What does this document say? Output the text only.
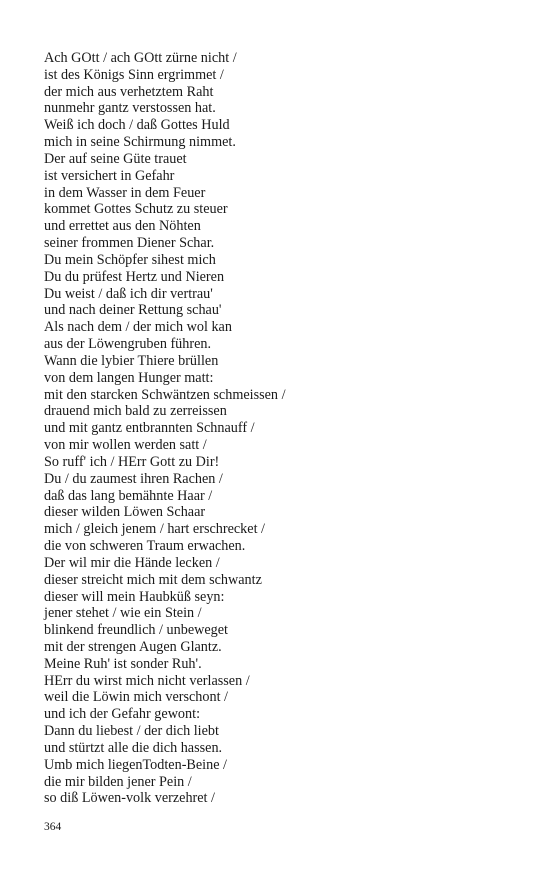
Ach GOtt / ach GOtt zürne nicht /
ist des Königs Sinn ergrimmet /
der mich aus verhetztem Raht
nunmehr gantz verstossen hat.
Weiß ich doch / daß Gottes Huld
mich in seine Schirmung nimmet.
Der auf seine Güte trauet
ist versichert in Gefahr
in dem Wasser in dem Feuer
kommet Gottes Schutz zu steuer
und errettet aus den Nöhten
seiner frommen Diener Schar.
Du mein Schöpfer sihest mich
Du du prüfest Hertz und Nieren
Du weist / daß ich dir vertrau'
und nach deiner Rettung schau'
Als nach dem / der mich wol kan
aus der Löwengruben führen.
Wann die lybier Thiere brüllen
von dem langen Hunger matt:
mit den starcken Schwäntzen schmeissen /
drauend mich bald zu zerreissen
und mit gantz entbrannten Schnauff /
von mir wollen werden satt /
So ruff' ich / HErr Gott zu Dir!
Du / du zaumest ihren Rachen /
daß das lang bemähnte Haar /
dieser wilden Löwen Schaar
mich / gleich jenem / hart erschrecket /
die von schweren Traum erwachen.
Der wil mir die Hände lecken /
dieser streicht mich mit dem schwantz
dieser will mein Haubküß seyn:
jener stehet / wie ein Stein /
blinkend freundlich / unbeweget
mit der strengen Augen Glantz.
Meine Ruh' ist sonder Ruh'.
HErr du wirst mich nicht verlassen /
weil die Löwin mich verschont /
und ich der Gefahr gewont:
Dann du liebest / der dich liebt
und stürtzt alle die dich hassen.
Umb mich liegenTodten-Beine /
die mir bilden jener Pein /
so diß Löwen-volk verzehret /
364
